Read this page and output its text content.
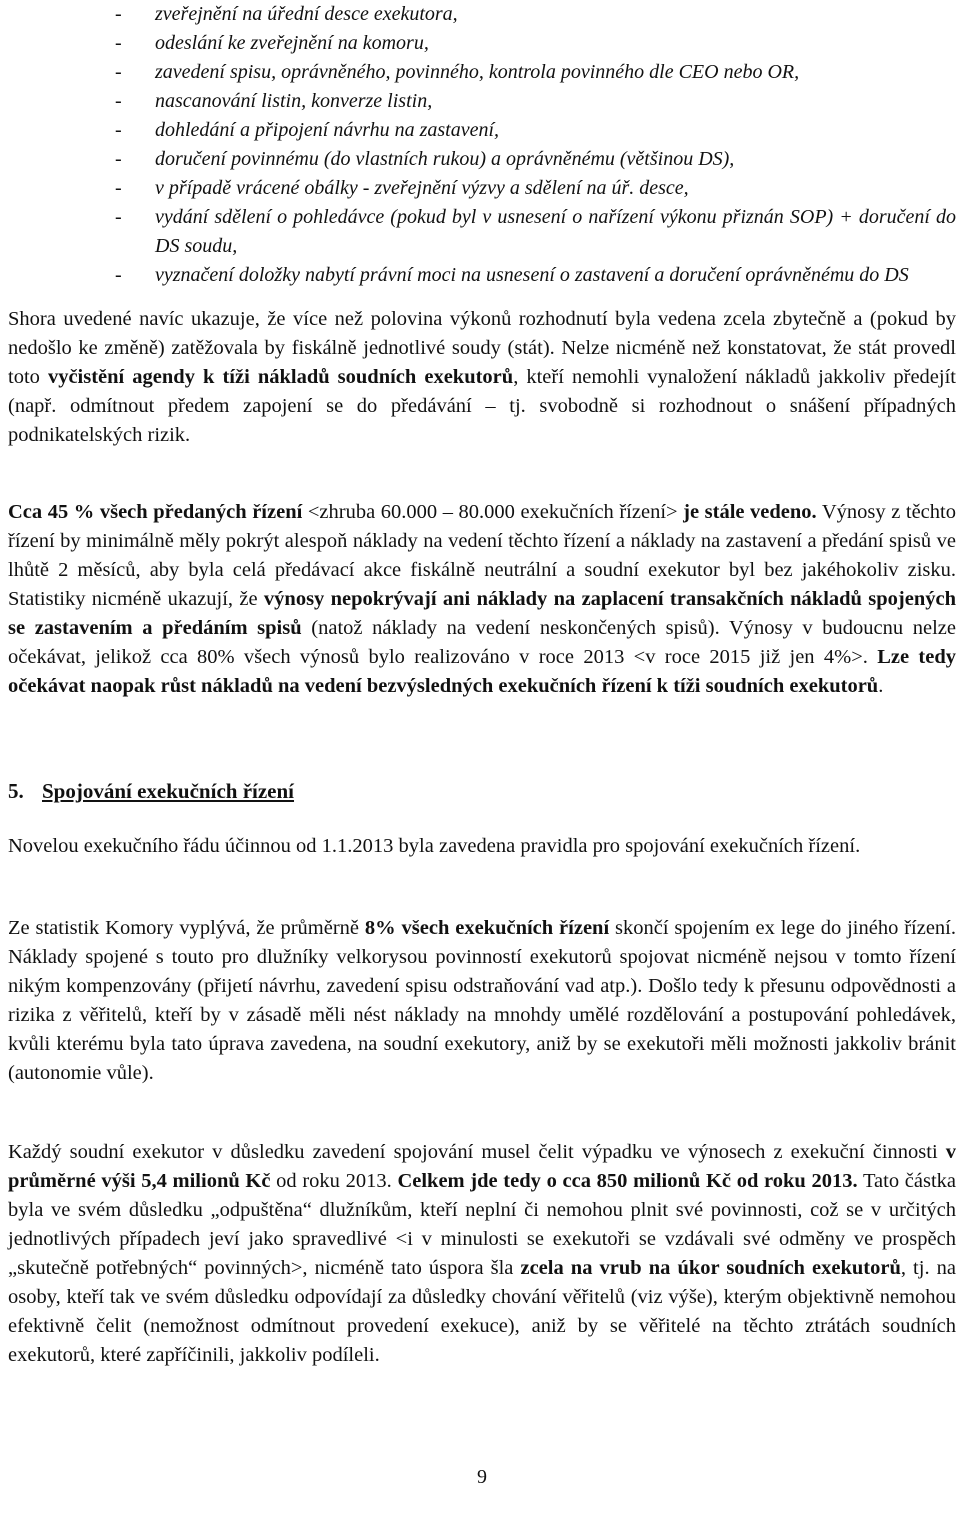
- zveřejnění na úřední desce exekutora,
- odeslání ke zveřejnění na komoru,
- zavedení spisu, oprávněného, povinného, kontrola povinného dle CEO nebo OR,
- nascanování listin, konverze listin,
- dohledání a připojení návrhu na zastavení,
- doručení povinnému (do vlastních rukou) a oprávněnému (většinou DS),
- v případě vrácené obálky - zveřejnění výzvy a sdělení na úř. desce,
- vydání sdělení o pohledávce (pokud byl v usnesení o nařízení výkonu přiznán SOP) + doručení do DS soudu,
- vyznačení doložky nabytí právní moci na usnesení o zastavení a doručení oprávněnému do DS

Shora uvedené navíc ukazuje, že více než polovina výkonů rozhodnutí byla vedena zcela zbytečně a (pokud by nedošlo ke změně) zatěžovala by fiskálně jednotlivé soudy (stát). Nelze nicméně než konstatovat, že stát provedl toto vyčistění agendy k tíži nákladů soudních exekutorů, kteří nemohli vynaložení nákladů jakkoliv předejít (např. odmítnout předem zapojení se do předávání – tj. svobodně si rozhodnout o snášení případných podnikatelských rizik.

Cca 45 % všech předaných řízení <zhruba 60.000 – 80.000 exekučních řízení> je stále vedeno. Výnosy z těchto řízení by minimálně měly pokrýt alespoň náklady na vedení těchto řízení a náklady na zastavení a předání spisů ve lhůtě 2 měsíců, aby byla celá předávací akce fiskálně neutrální a soudní exekutor byl bez jakéhokoliv zisku. Statistiky nicméně ukazují, že výnosy nepokrývají ani náklady na zaplacení transakčních nákladů spojených se zastavením a předáním spisů (natož náklady na vedení neskončených spisů). Výnosy v budoucnu nelze očekávat, jelikož cca 80% všech výnosů bylo realizováno v roce 2013 <v roce 2015 již jen 4%>. Lze tedy očekávat naopak růst nákladů na vedení bezvýsledných exekučních řízení k tíži soudních exekutorů.

5. Spojování exekučních řízení

Novelou exekučního řádu účinnou od 1.1.2013 byla zavedena pravidla pro spojování exekučních řízení.

Ze statistik Komory vyplývá, že průměrně 8% všech exekučních řízení skončí spojením ex lege do jiného řízení. Náklady spojené s touto pro dlužníky velkorysou povinností exekutorů spojovat nicméně nejsou v tomto řízení nikým kompenzovány (přijetí návrhu, zavedení spisu odstraňování vad atp.). Došlo tedy k přesunu odpovědnosti a rizika z věřitelů, kteří by v zásadě měli nést náklady na mnohdy umělé rozdělování a postupování pohledávek, kvůli kterému byla tato úprava zavedena, na soudní exekutory, aniž by se exekutoři měli možnosti jakkoliv bránit (autonomie vůle).

Každý soudní exekutor v důsledku zavedení spojování musel čelit výpadku ve výnosech z exekuční činnosti v průměrné výši 5,4 milionů Kč od roku 2013. Celkem jde tedy o cca 850 milionů Kč od roku 2013. Tato částka byla ve svém důsledku „odpuštěna“ dlužníkům, kteří neplní či nemohou plnit své povinnosti, což se v určitých jednotlivých případech jeví jako spravedlivé <i v minulosti se exekutoři se vzdávali své odměny ve prospěch „skutečně potřebných“ povinných>, nicméně tato úspora šla zcela na vrub na úkor soudních exekutorů, tj. na osoby, kteří tak ve svém důsledku odpovídají za důsledky chování věřitelů (viz výše), kterým objektivně nemohou efektivně čelit (nemožnost odmítnout provedení exekuce), aniž by se věřitelé na těchto ztrátách soudních exekutorů, které zapříčinili, jakkoliv podíleli.

9
